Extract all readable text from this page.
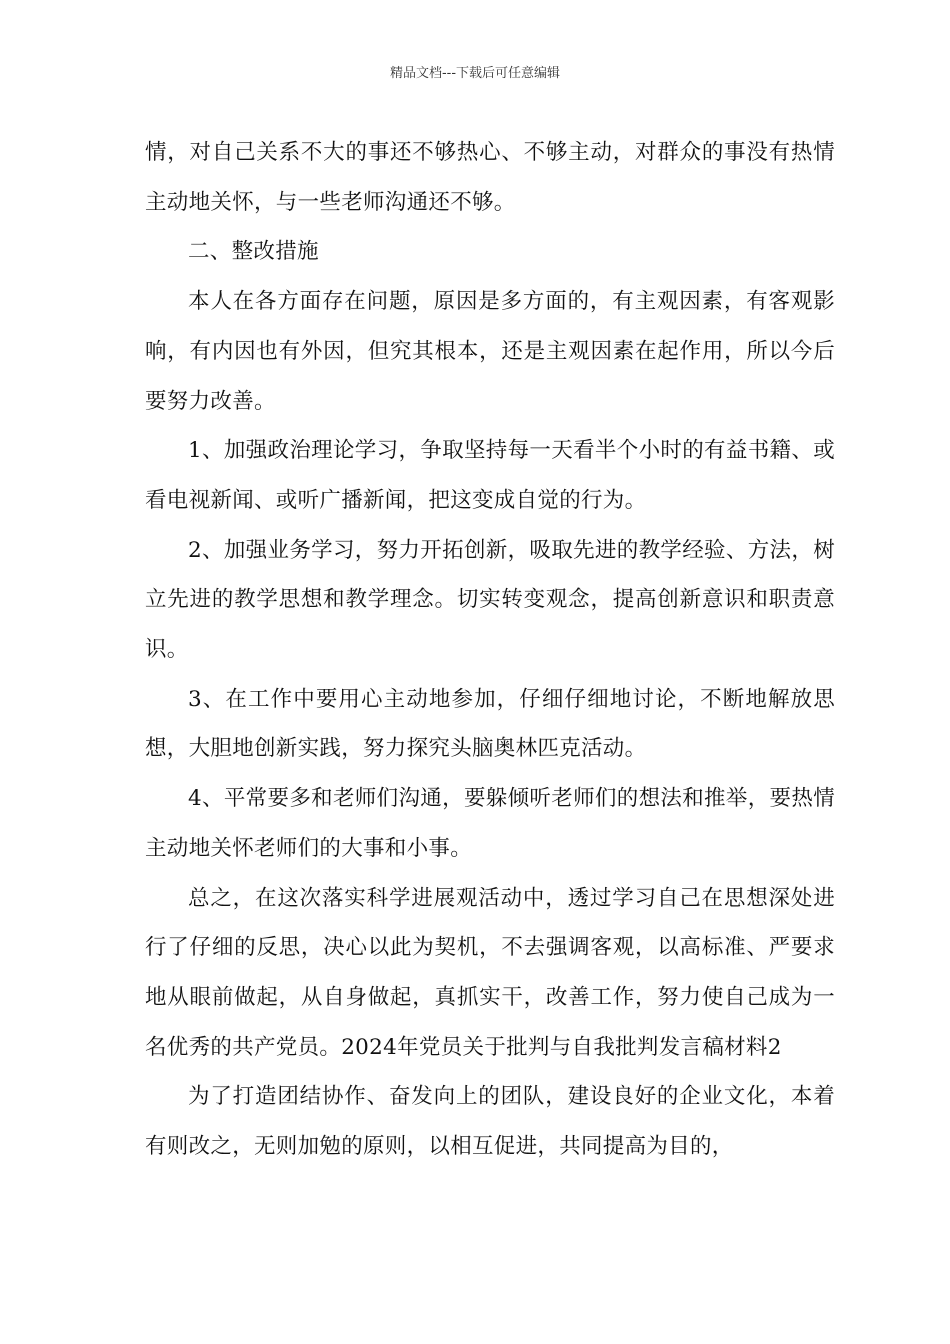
精品文档---下载后可任意编辑

情，对自己关系不大的事还不够热心、不够主动，对群众的事没有热情主动地关怀，与一些老师沟通还不够。

二、整改措施

本人在各方面存在问题，原因是多方面的，有主观因素，有客观影响，有内因也有外因，但究其根本，还是主观因素在起作用，所以今后要努力改善。

1、加强政治理论学习，争取坚持每一天看半个小时的有益书籍、或看电视新闻、或听广播新闻，把这变成自觉的行为。

2、加强业务学习，努力开拓创新，吸取先进的教学经验、方法，树立先进的教学思想和教学理念。切实转变观念，提高创新意识和职责意识。

3、在工作中要用心主动地参加，仔细仔细地讨论，不断地解放思想，大胆地创新实践，努力探究头脑奥林匹克活动。

4、平常要多和老师们沟通，要躲倾听老师们的想法和推举，要热情主动地关怀老师们的大事和小事。

总之，在这次落实科学进展观活动中，透过学习自己在思想深处进行了仔细的反思，决心以此为契机，不去强调客观，以高标准、严要求地从眼前做起，从自身做起，真抓实干，改善工作，努力使自己成为一名优秀的共产党员。2024年党员关于批判与自我批判发言稿材料2

为了打造团结协作、奋发向上的团队，建设良好的企业文化，本着有则改之，无则加勉的原则，以相互促进，共同提高为目的，
